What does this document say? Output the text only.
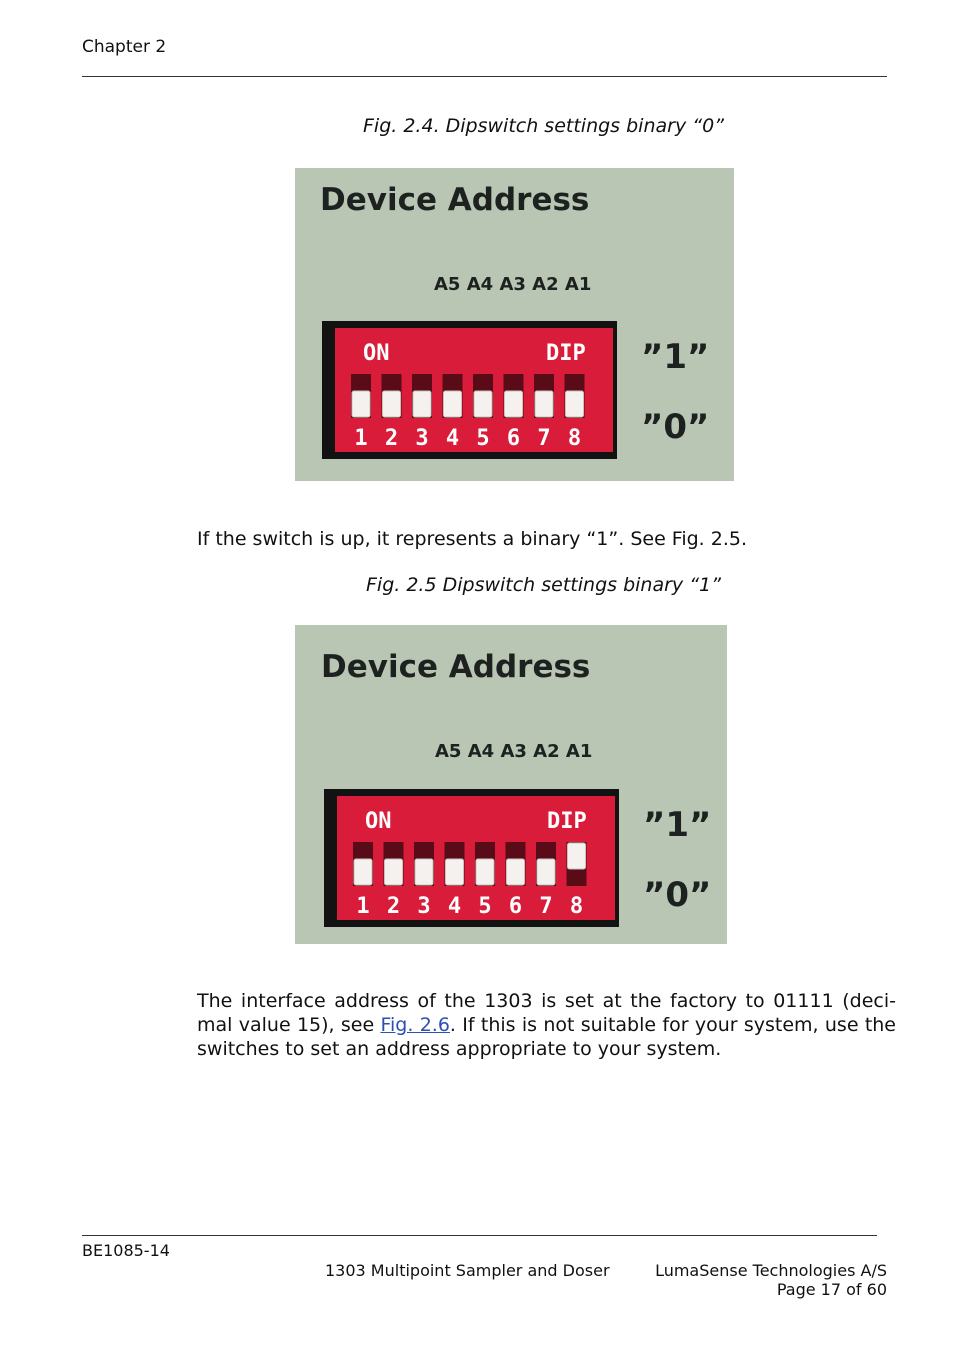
Chapter 2
Fig. 2.4. Dipswitch settings binary “0”
Device Address
A5 A4 A3 A2 A1
ON	DIP
1 2 3 4 5 6 7 8
”1”
”0”
If the switch is up, it represents a binary “1”. See Fig. 2.5.
Fig. 2.5 Dipswitch settings binary “1”
Device Address
A5 A4 A3 A2 A1
ON	DIP
1 2 3 4 5 6 7 8
”1”
”0”
The interface address of the 1303 is set at the factory to 01111 (deci-mal value 15), see Fig. 2.6. If this is not suitable for your system, use the switches to set an address appropriate to your system.
BE1085-14
1303 Multipoint Sampler and Doser	LumaSense Technologies A/S
Page 17 of 60
